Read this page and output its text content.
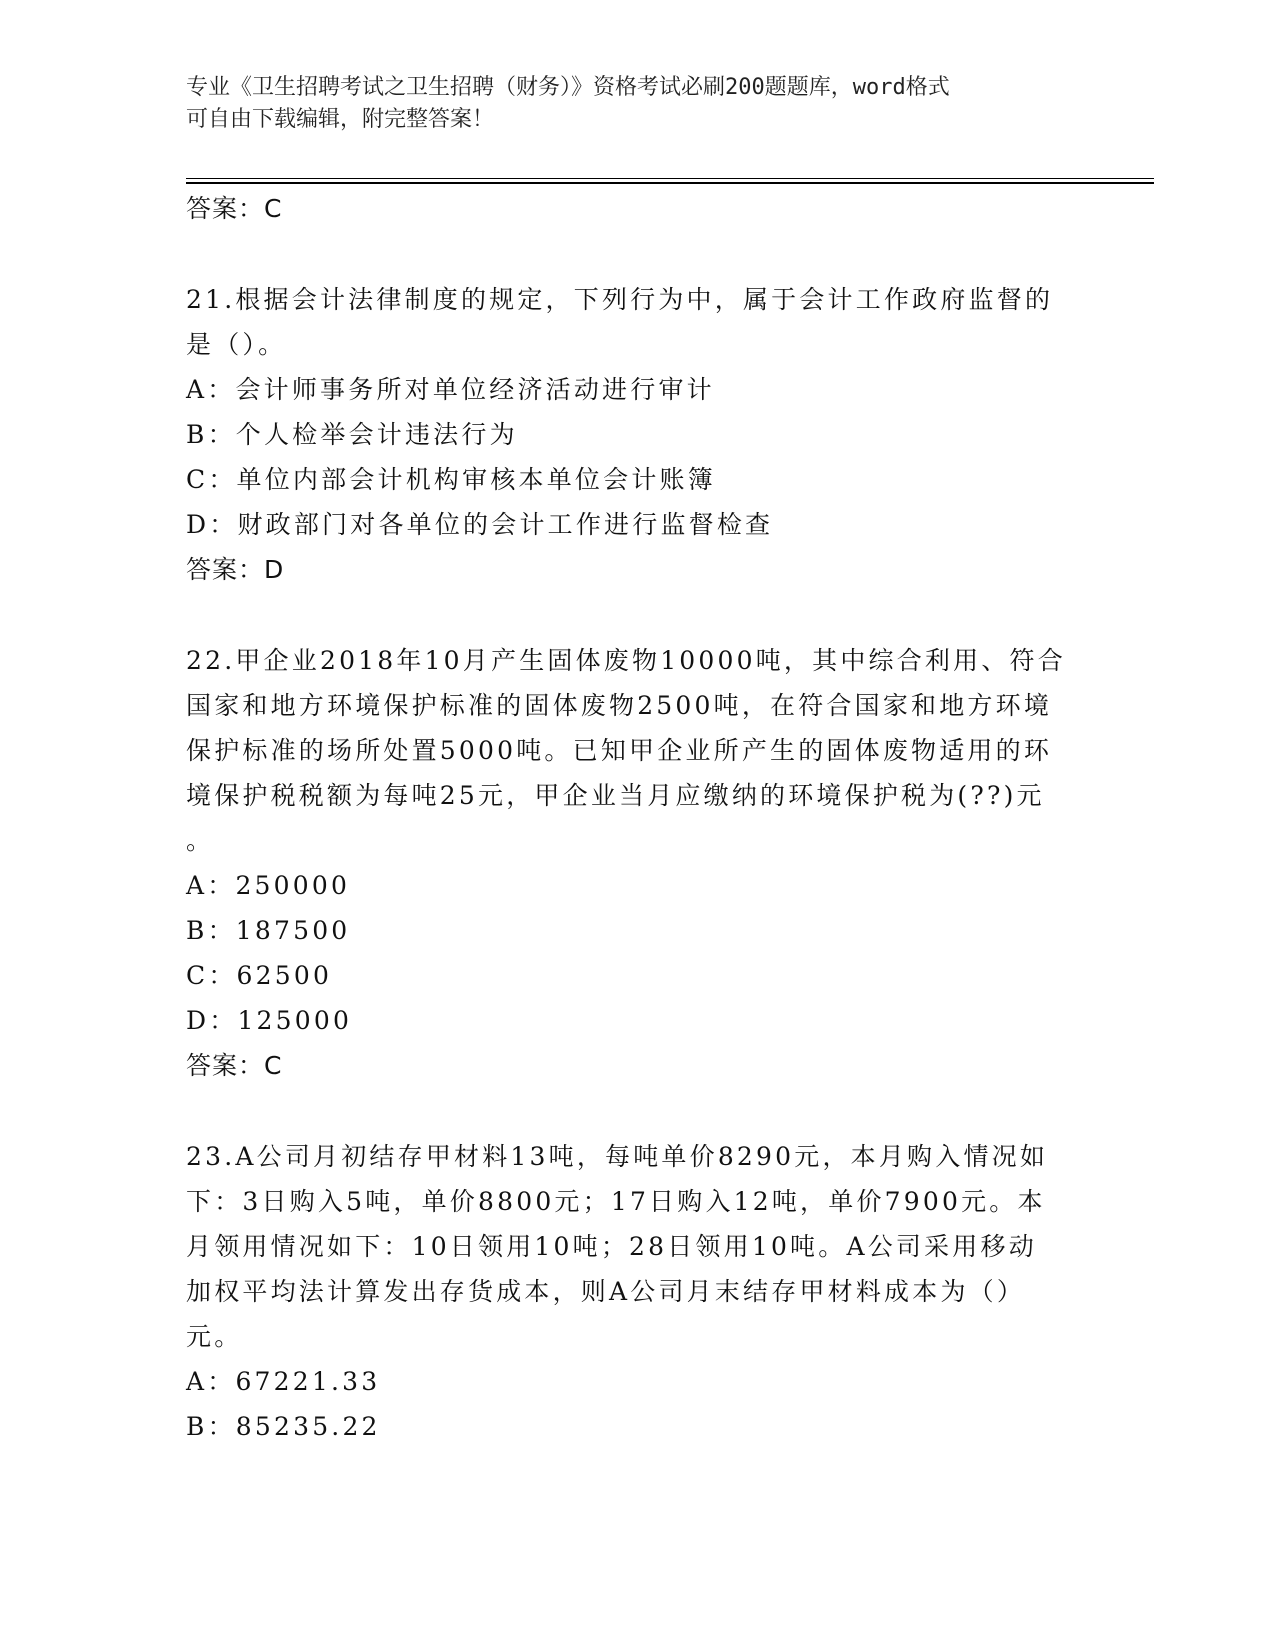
专业《卫生招聘考试之卫生招聘（财务）》资格考试必刷200题题库，word格式
可自由下载编辑，附完整答案！
答案：C
21.根据会计法律制度的规定，下列行为中，属于会计工作政府监督的
是（）。
A：会计师事务所对单位经济活动进行审计
B：个人检举会计违法行为
C：单位内部会计机构审核本单位会计账簿
D：财政部门对各单位的会计工作进行监督检查
答案：D
22.甲企业2018年10月产生固体废物10000吨，其中综合利用、符合
国家和地方环境保护标准的固体废物2500吨，在符合国家和地方环境
保护标准的场所处置5000吨。已知甲企业所产生的固体废物适用的环
境保护税税额为每吨25元，甲企业当月应缴纳的环境保护税为(??)元
。
A：250000
B：187500
C：62500
D：125000
答案：C
23.A公司月初结存甲材料13吨，每吨单价8290元，本月购入情况如
下：3日购入5吨，单价8800元；17日购入12吨，单价7900元。本
月领用情况如下：10日领用10吨；28日领用10吨。A公司采用移动
加权平均法计算发出存货成本，则A公司月末结存甲材料成本为（）
元。
A：67221.33
B：85235.22
